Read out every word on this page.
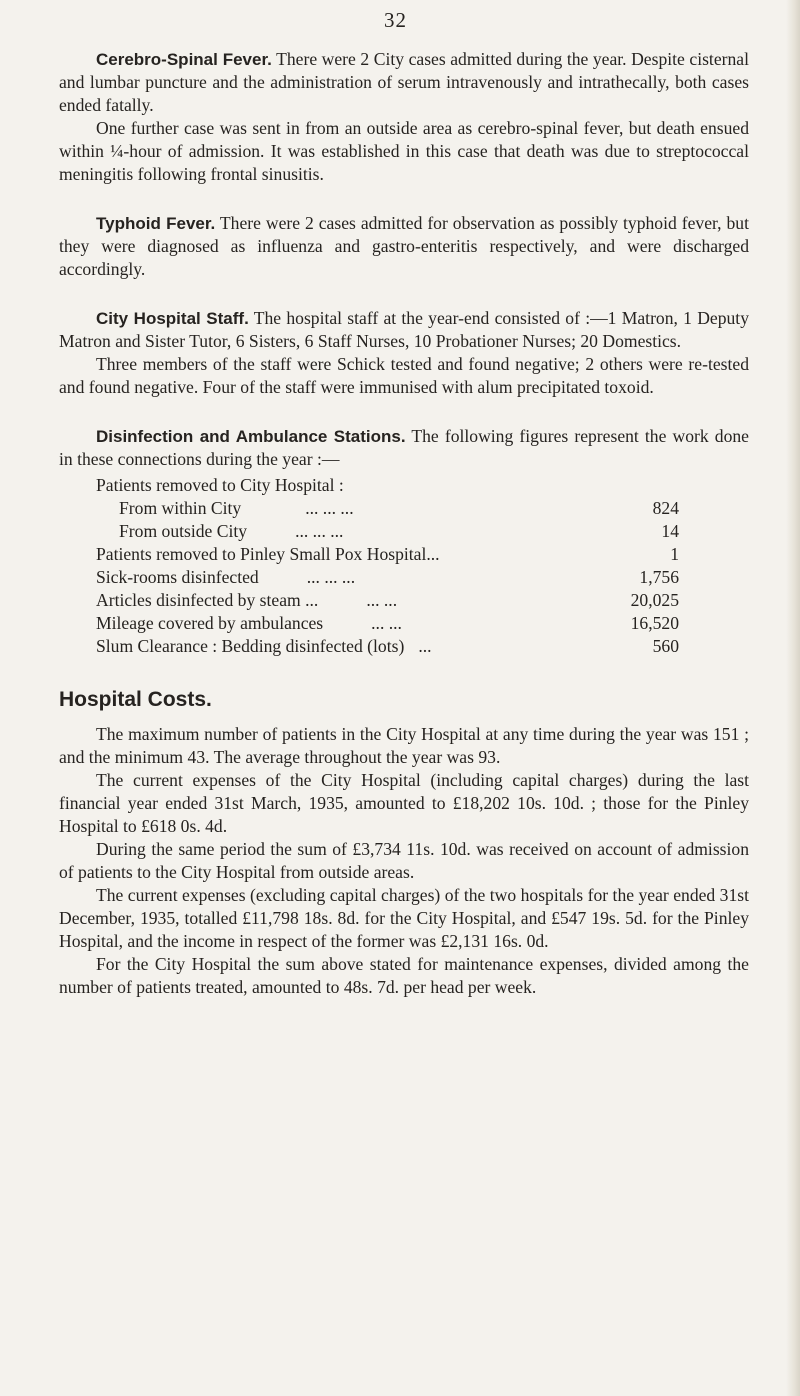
32

Cerebro-Spinal Fever. There were 2 City cases admitted during the year. Despite cisternal and lumbar puncture and the administration of serum intravenously and intrathecally, both cases ended fatally.

One further case was sent in from an outside area as cerebro-spinal fever, but death ensued within ¼-hour of admission. It was established in this case that death was due to streptococcal meningitis following frontal sinusitis.

Typhoid Fever. There were 2 cases admitted for observation as possibly typhoid fever, but they were diagnosed as influenza and gastro-enteritis respectively, and were discharged accordingly.

City Hospital Staff. The hospital staff at the year-end consisted of :—1 Matron, 1 Deputy Matron and Sister Tutor, 6 Sisters, 6 Staff Nurses, 10 Probationer Nurses; 20 Domestics.

Three members of the staff were Schick tested and found negative; 2 others were re-tested and found negative. Four of the staff were immunised with alum precipitated toxoid.

Disinfection and Ambulance Stations. The following figures represent the work done in these connections during the year :—

Patients removed to City Hospital :
From within City	... ... ...	824
From outside City	... ... ...	14
Patients removed to Pinley Small Pox Hospital ...	1
Sick-rooms disinfected	... ... ...	1,756
Articles disinfected by steam ...	... ...	20,025
Mileage covered by ambulances	... ...	16,520
Slum Clearance : Bedding disinfected (lots) ...	560
Hospital Costs.

The maximum number of patients in the City Hospital at any time during the year was 151 ; and the minimum 43. The average throughout the year was 93.

The current expenses of the City Hospital (including capital charges) during the last financial year ended 31st March, 1935, amounted to £18,202 10s. 10d. ; those for the Pinley Hospital to £618 0s. 4d.

During the same period the sum of £3,734 11s. 10d. was received on account of admission of patients to the City Hospital from outside areas.

The current expenses (excluding capital charges) of the two hospitals for the year ended 31st December, 1935, totalled £11,798 18s. 8d. for the City Hospital, and £547 19s. 5d. for the Pinley Hospital, and the income in respect of the former was £2,131 16s. 0d.

For the City Hospital the sum above stated for maintenance expenses, divided among the number of patients treated, amounted to 48s. 7d. per head per week.
